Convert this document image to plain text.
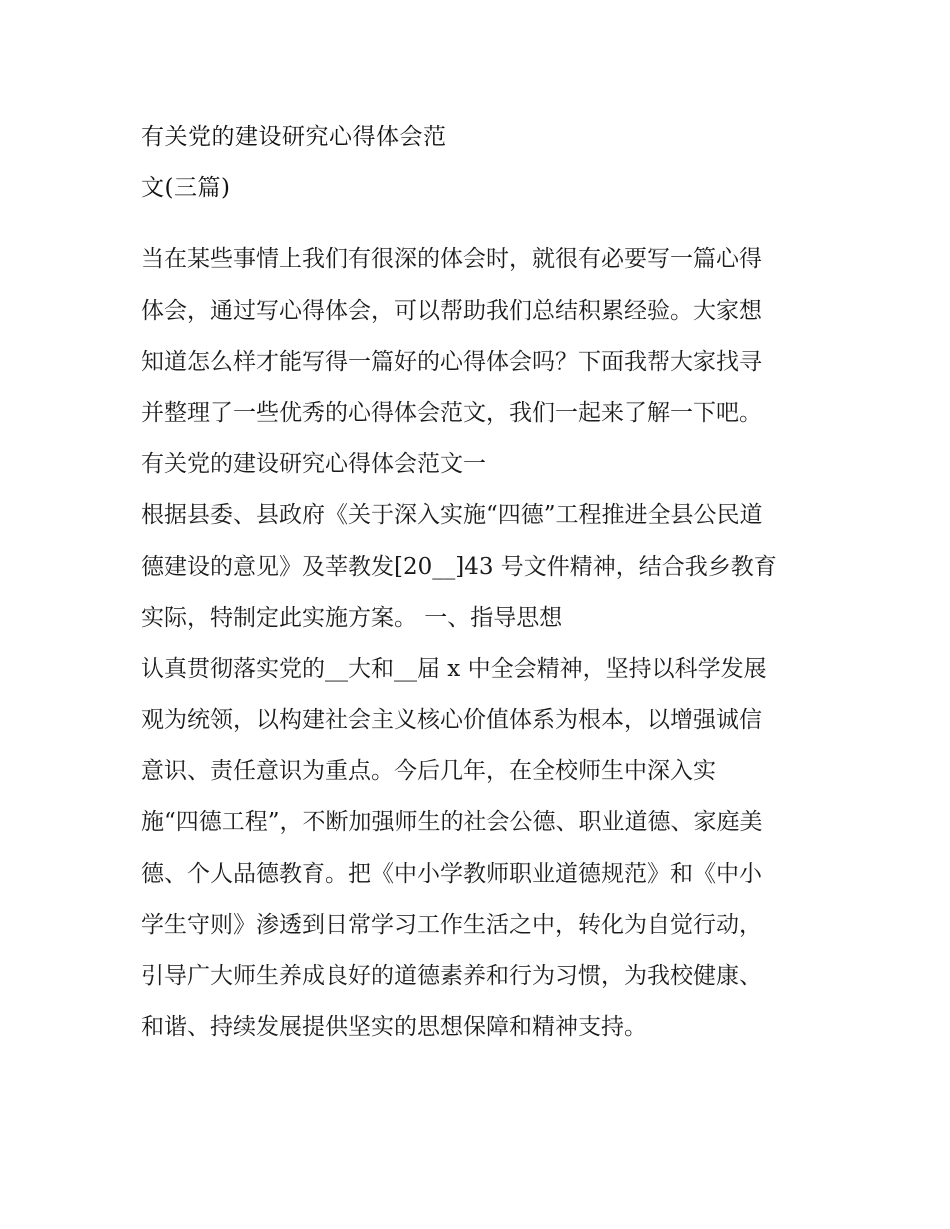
有关党的建设研究心得体会范
文(三篇)
当在某些事情上我们有很深的体会时，就很有必要写一篇心得
体会，通过写心得体会，可以帮助我们总结积累经验。大家想
知道怎么样才能写得一篇好的心得体会吗？下面我帮大家找寻
并整理了一些优秀的心得体会范文，我们一起来了解一下吧。
有关党的建设研究心得体会范文一
根据县委、县政府《关于深入实施“四德”工程推进全县公民道
德建设的意见》及莘教发[20__]43 号文件精神，结合我乡教育
实际，特制定此实施方案。 一、指导思想
认真贯彻落实党的__大和__届 x 中全会精神，坚持以科学发展
观为统领，以构建社会主义核心价值体系为根本，以增强诚信
意识、责任意识为重点。今后几年，在全校师生中深入实
施“四德工程”，不断加强师生的社会公德、职业道德、家庭美
德、个人品德教育。把《中小学教师职业道德规范》和《中小
学生守则》渗透到日常学习工作生活之中，转化为自觉行动，
引导广大师生养成良好的道德素养和行为习惯，为我校健康、
和谐、持续发展提供坚实的思想保障和精神支持。
